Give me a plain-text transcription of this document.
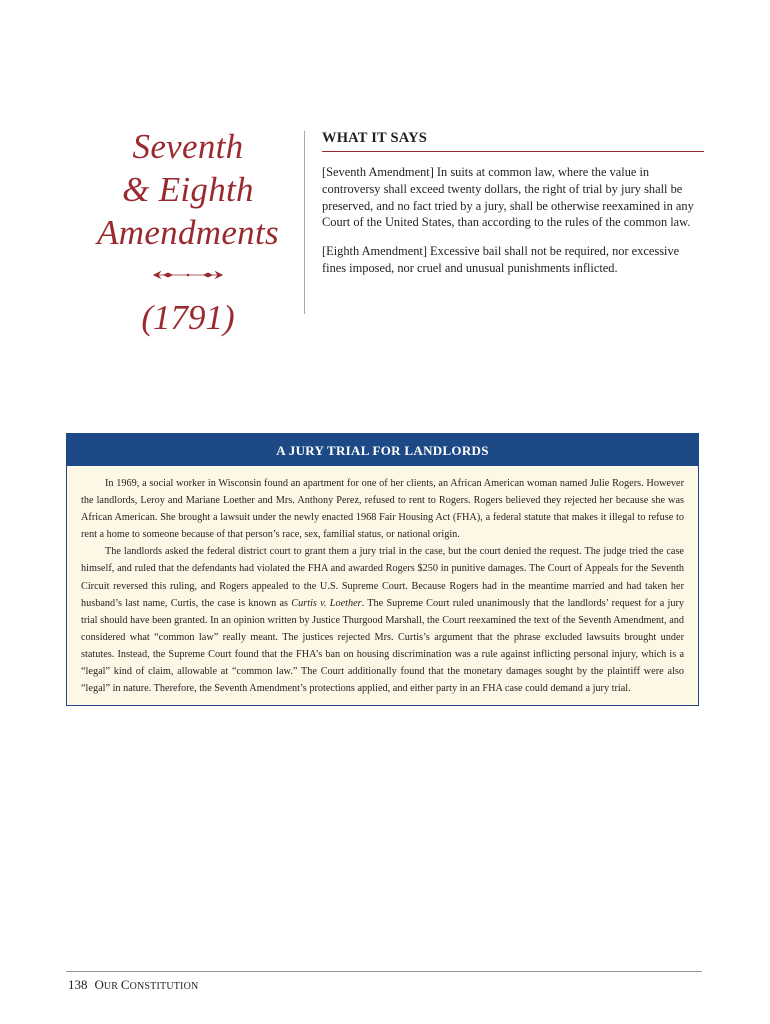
Seventh
& Eighth
Amendments
(1791)
WHAT IT SAYS

[Seventh Amendment] In suits at common law, where the value in controversy shall exceed twenty dollars, the right of trial by jury shall be preserved, and no fact tried by a jury, shall be otherwise reexamined in any Court of the United States, than according to the rules of the common law.

[Eighth Amendment] Excessive bail shall not be required, nor excessive fines imposed, nor cruel and unusual punishments inflicted.

A JURY TRIAL FOR LANDLORDS

In 1969, a social worker in Wisconsin found an apartment for one of her clients, an African American woman named Julie Rogers. However the landlords, Leroy and Mariane Loether and Mrs. Anthony Perez, refused to rent to Rogers. Rogers believed they rejected her because she was African American. She brought a lawsuit under the newly enacted 1968 Fair Housing Act (FHA), a federal statute that makes it illegal to refuse to rent a home to someone because of that person’s race, sex, familial status, or national origin.

The landlords asked the federal district court to grant them a jury trial in the case, but the court denied the request. The judge tried the case himself, and ruled that the defendants had violated the FHA and awarded Rogers $250 in punitive damages. The Court of Appeals for the Seventh Circuit reversed this ruling, and Rogers appealed to the U.S. Supreme Court. Because Rogers had in the meantime married and had taken her husband’s last name, Curtis, the case is known as Curtis v. Loether. The Supreme Court ruled unanimously that the landlords’ request for a jury trial should have been granted. In an opinion written by Justice Thurgood Marshall, the Court reexamined the text of the Seventh Amendment, and considered what “common law” really meant. The justices rejected Mrs. Curtis’s argument that the phrase excluded lawsuits brought under statutes. Instead, the Supreme Court found that the FHA’s ban on housing discrimination was a rule against inflicting personal injury, which is a “legal” kind of claim, allowable at “common law.” The Court additionally found that the monetary damages sought by the plaintiff were also “legal” in nature. Therefore, the Seventh Amendment’s protections applied, and either party in an FHA case could demand a jury trial.

138 OUR CONSTITUTION
